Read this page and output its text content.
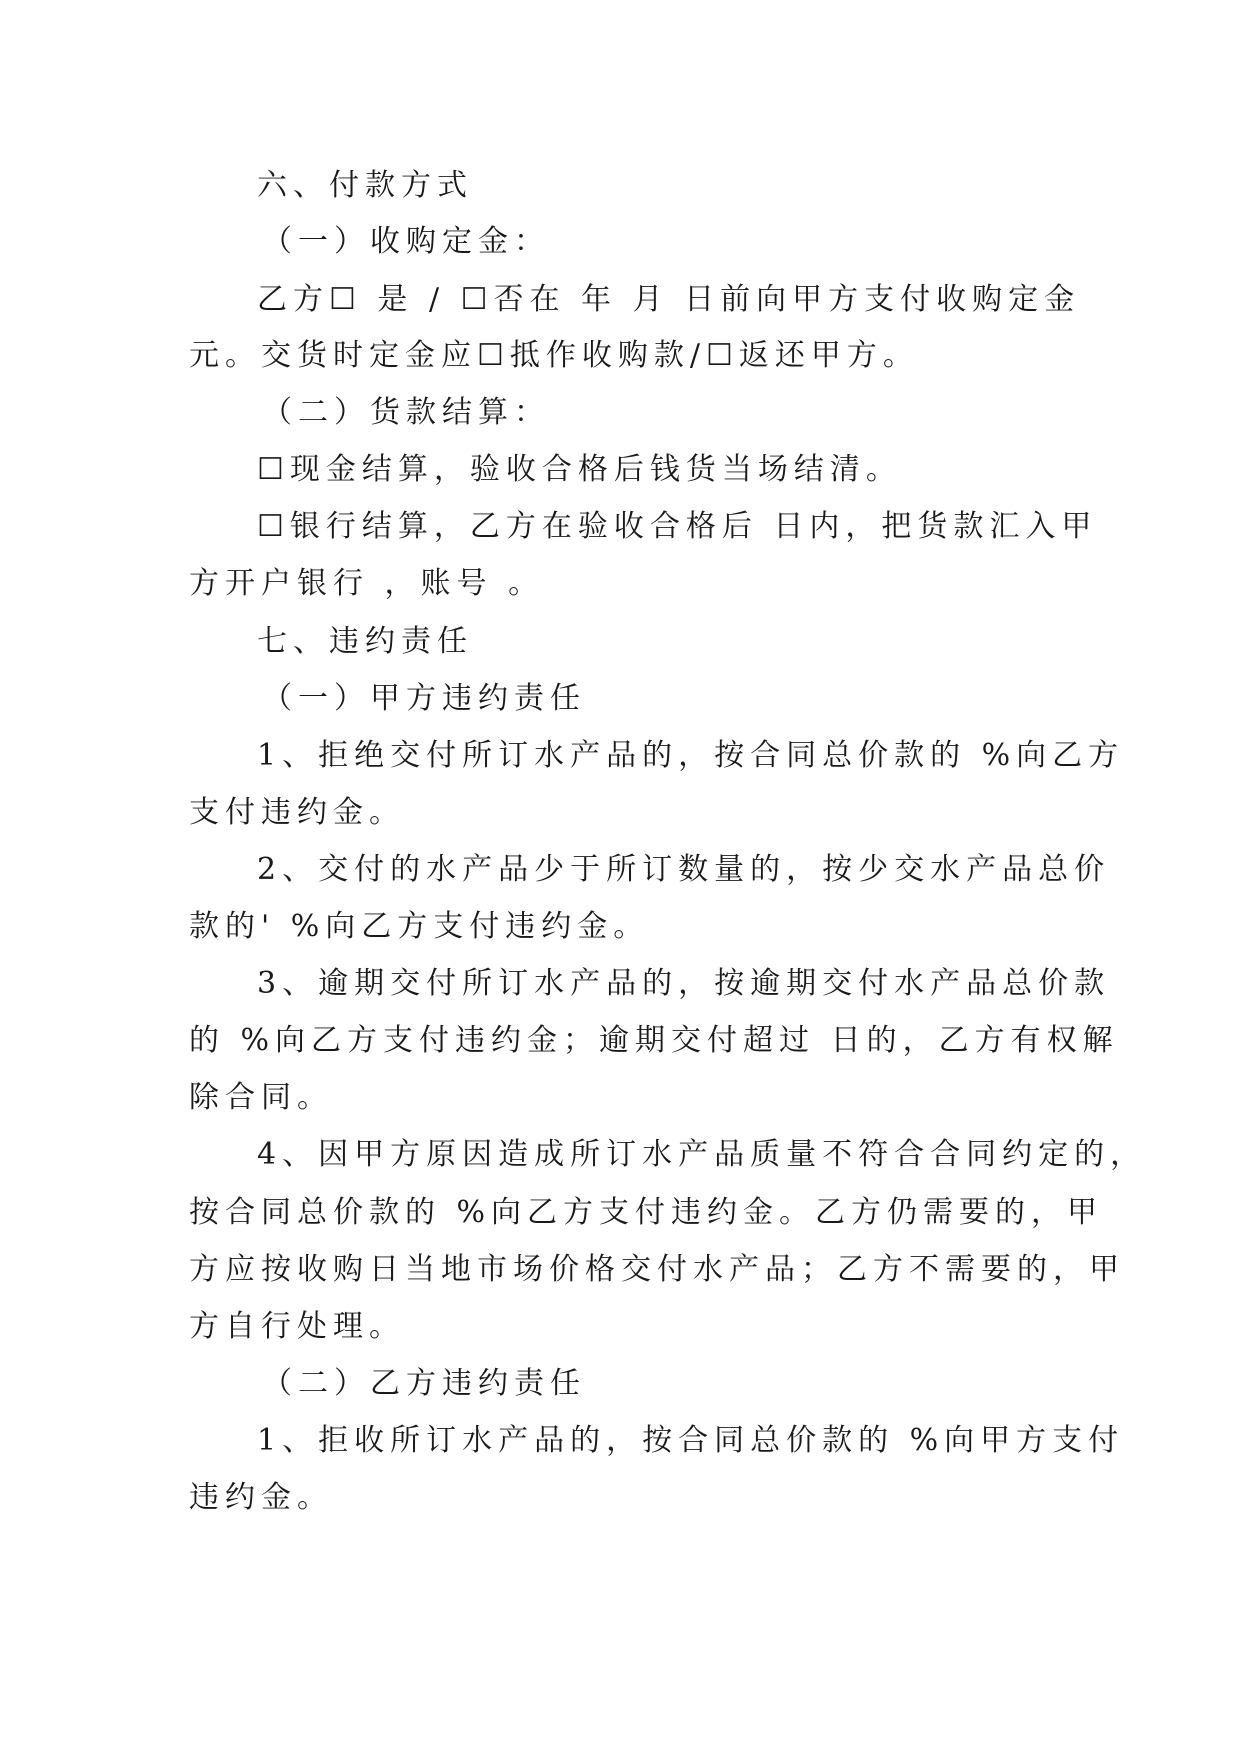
六、付款方式
（一）收购定金：
乙方☐ 是 / ☐否在 年 月 日前向甲方支付收购定金
元。交货时定金应☐抵作收购款/☐返还甲方。
（二）货款结算：
☐现金结算，验收合格后钱货当场结清。
☐银行结算，乙方在验收合格后 日内，把货款汇入甲
方开户银行 ，账号 。
七、违约责任
（一）甲方违约责任
1、拒绝交付所订水产品的，按合同总价款的 %向乙方
支付违约金。
2、交付的水产品少于所订数量的，按少交水产品总价
款的' %向乙方支付违约金。
3、逾期交付所订水产品的，按逾期交付水产品总价款
的 %向乙方支付违约金；逾期交付超过 日的，乙方有权解
除合同。
4、因甲方原因造成所订水产品质量不符合合同约定的，
按合同总价款的 %向乙方支付违约金。乙方仍需要的，甲
方应按收购日当地市场价格交付水产品；乙方不需要的，甲
方自行处理。
（二）乙方违约责任
1、拒收所订水产品的，按合同总价款的 %向甲方支付
违约金。
